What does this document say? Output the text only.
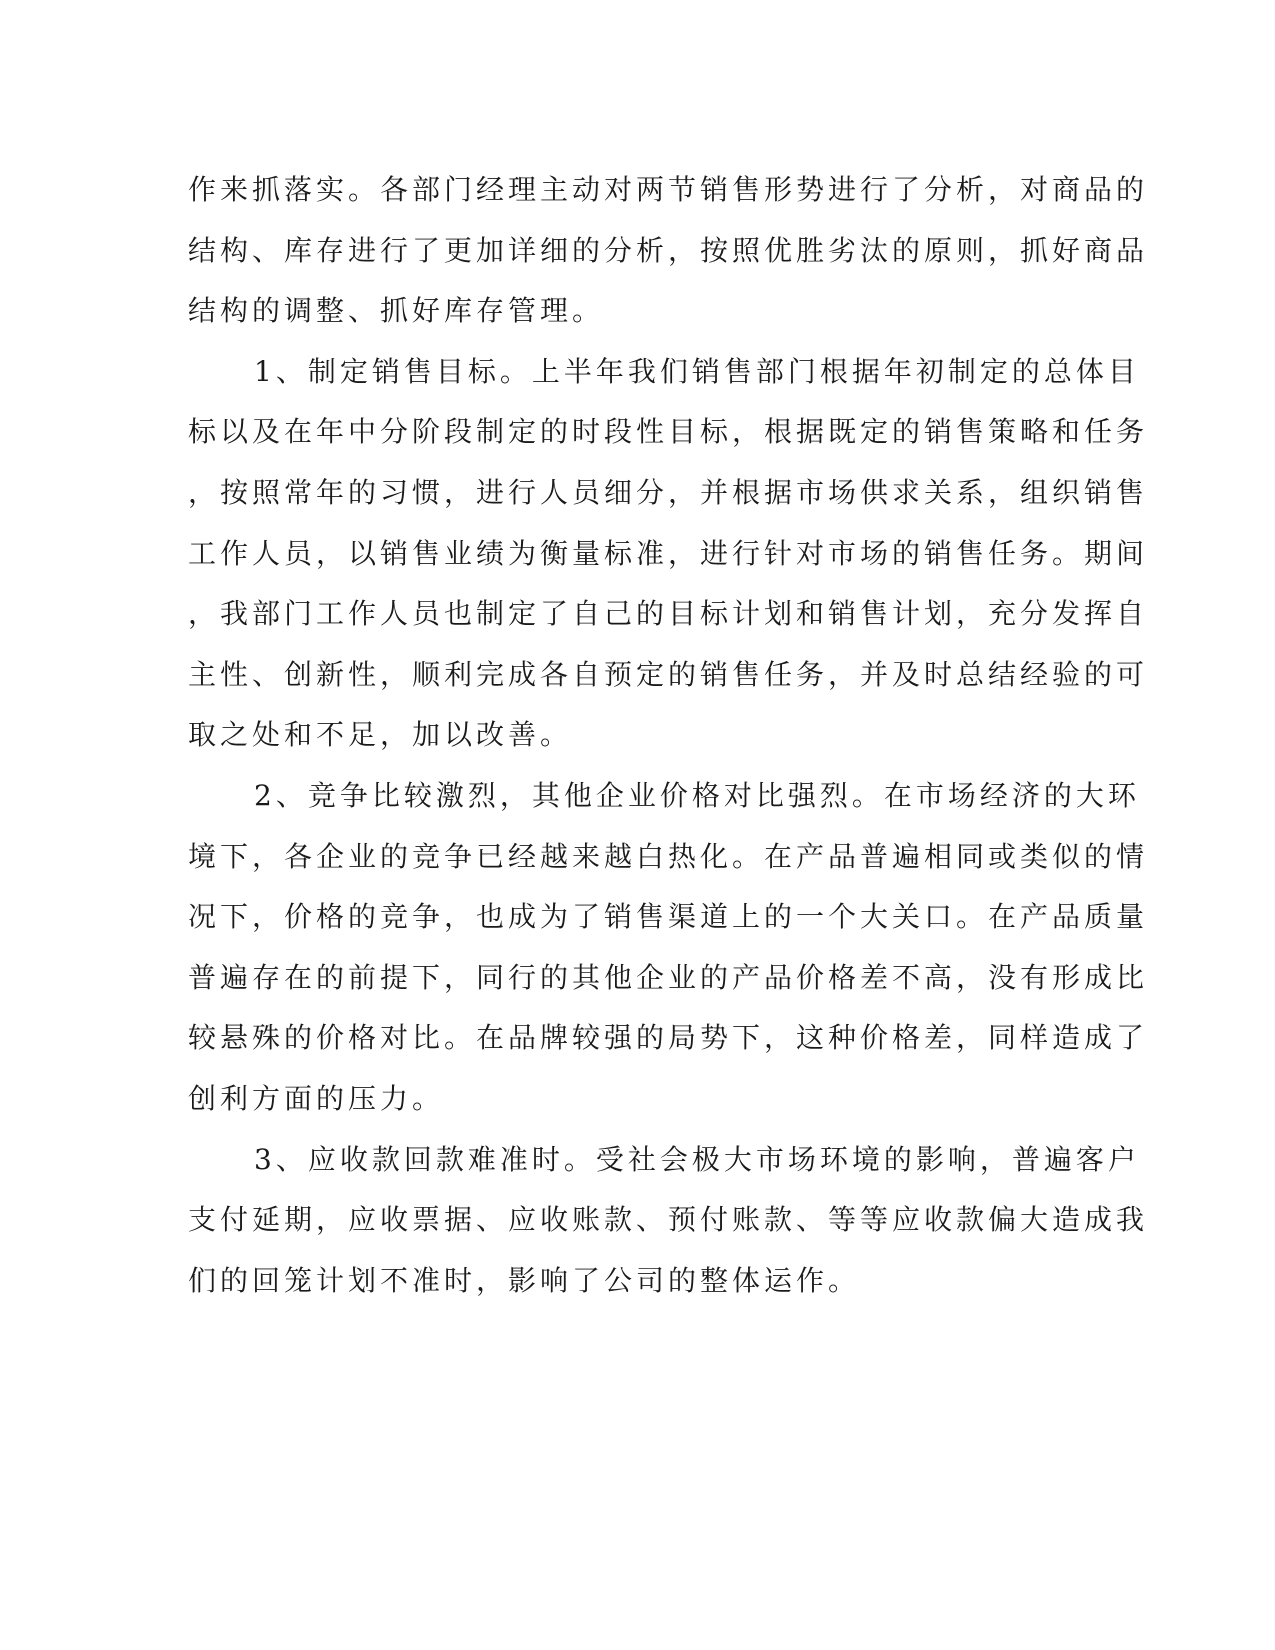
作来抓落实。各部门经理主动对两节销售形势进行了分析，对商品的
结构、库存进行了更加详细的分析，按照优胜劣汰的原则，抓好商品
结构的调整、抓好库存管理。
1、制定销售目标。上半年我们销售部门根据年初制定的总体目
标以及在年中分阶段制定的时段性目标，根据既定的销售策略和任务
，按照常年的习惯，进行人员细分，并根据市场供求关系，组织销售
工作人员，以销售业绩为衡量标准，进行针对市场的销售任务。期间
，我部门工作人员也制定了自己的目标计划和销售计划，充分发挥自
主性、创新性，顺利完成各自预定的销售任务，并及时总结经验的可
取之处和不足，加以改善。
2、竞争比较激烈，其他企业价格对比强烈。在市场经济的大环
境下，各企业的竞争已经越来越白热化。在产品普遍相同或类似的情
况下，价格的竞争，也成为了销售渠道上的一个大关口。在产品质量
普遍存在的前提下，同行的其他企业的产品价格差不高，没有形成比
较悬殊的价格对比。在品牌较强的局势下，这种价格差，同样造成了
创利方面的压力。
3、应收款回款难准时。受社会极大市场环境的影响，普遍客户
支付延期，应收票据、应收账款、预付账款、等等应收款偏大造成我
们的回笼计划不准时，影响了公司的整体运作。
